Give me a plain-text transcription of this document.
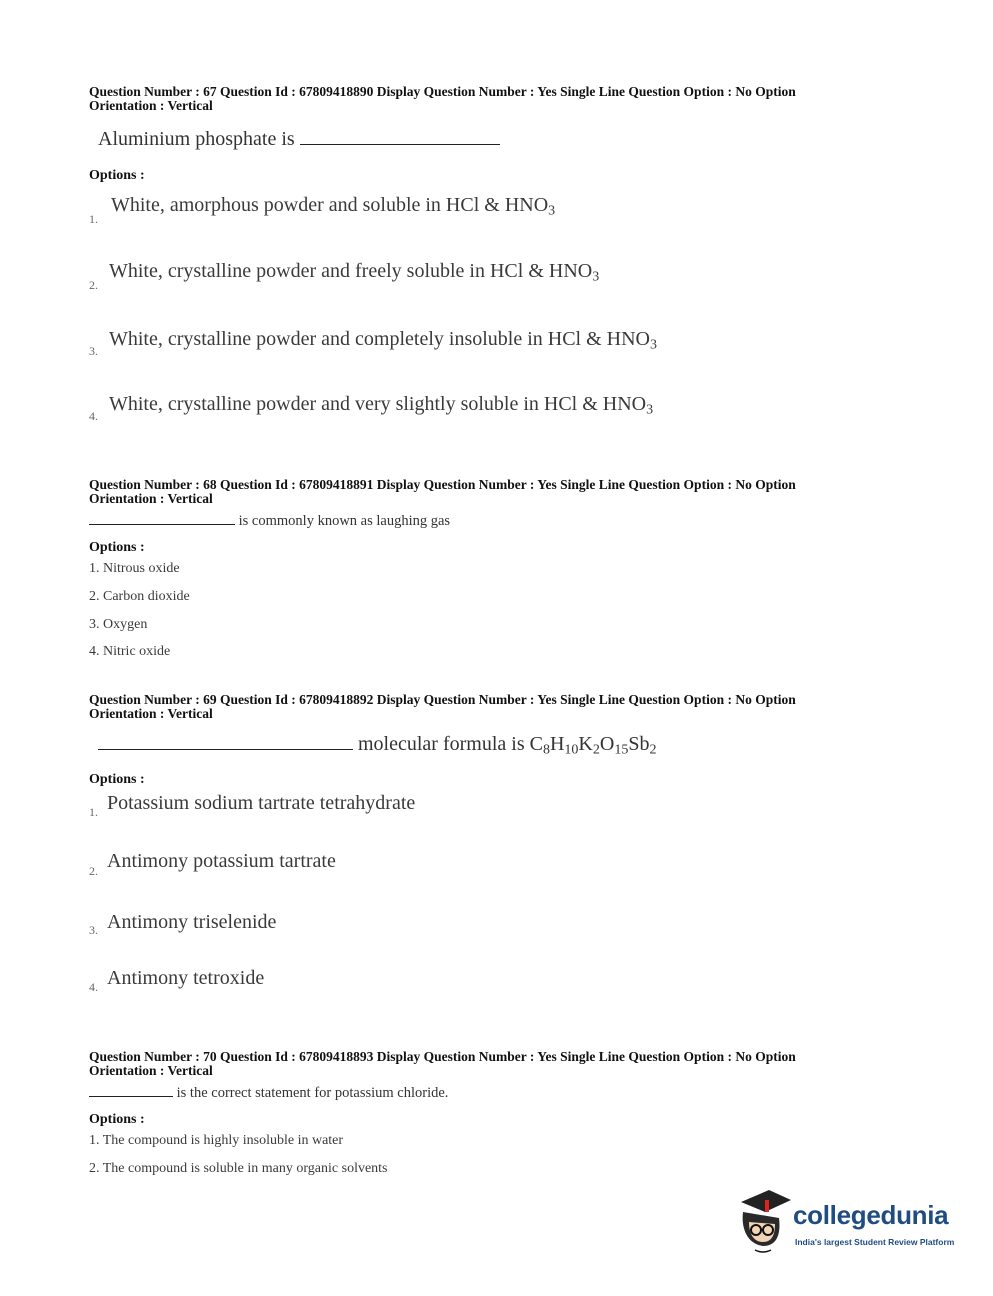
Question Number : 67 Question Id : 67809418890 Display Question Number : Yes Single Line Question Option : No Option
Orientation : Vertical
Aluminium phosphate is
Options :
1.
White, amorphous powder and soluble in HCl & $HNO_3$
2.
White, crystalline powder and freely soluble in HCl & $HNO_3$
3.
White, crystalline powder and completely insoluble in HCl & $HNO_3$
4.
White, crystalline powder and very slightly soluble in HCl & $HNO_3$
Question Number : 68 Question Id : 67809418891 Display Question Number : Yes Single Line Question Option : No Option
Orientation : Vertical
is commonly known as laughing gas
Options :
1. Nitrous oxide
2. Carbon dioxide
3. Oxygen
4. Nitric oxide
Question Number : 69 Question Id : 67809418892 Display Question Number : Yes Single Line Question Option : No Option
Orientation : Vertical
molecular formula is $C_8H_{10}K_2O_{15}Sb_2$
Options :
1. Potassium sodium tartrate tetrahydrate
2. Antimony potassium tartrate
3. Antimony triselenide
4. Antimony tetroxide
Question Number : 70 Question Id : 67809418893 Display Question Number : Yes Single Line Question Option : No Option
Orientation : Vertical
is the correct statement for potassium chloride.
Options :
1. The compound is highly insoluble in water
2. The compound is soluble in many organic solvents
collegedunia
India's largest Student Review Platform
